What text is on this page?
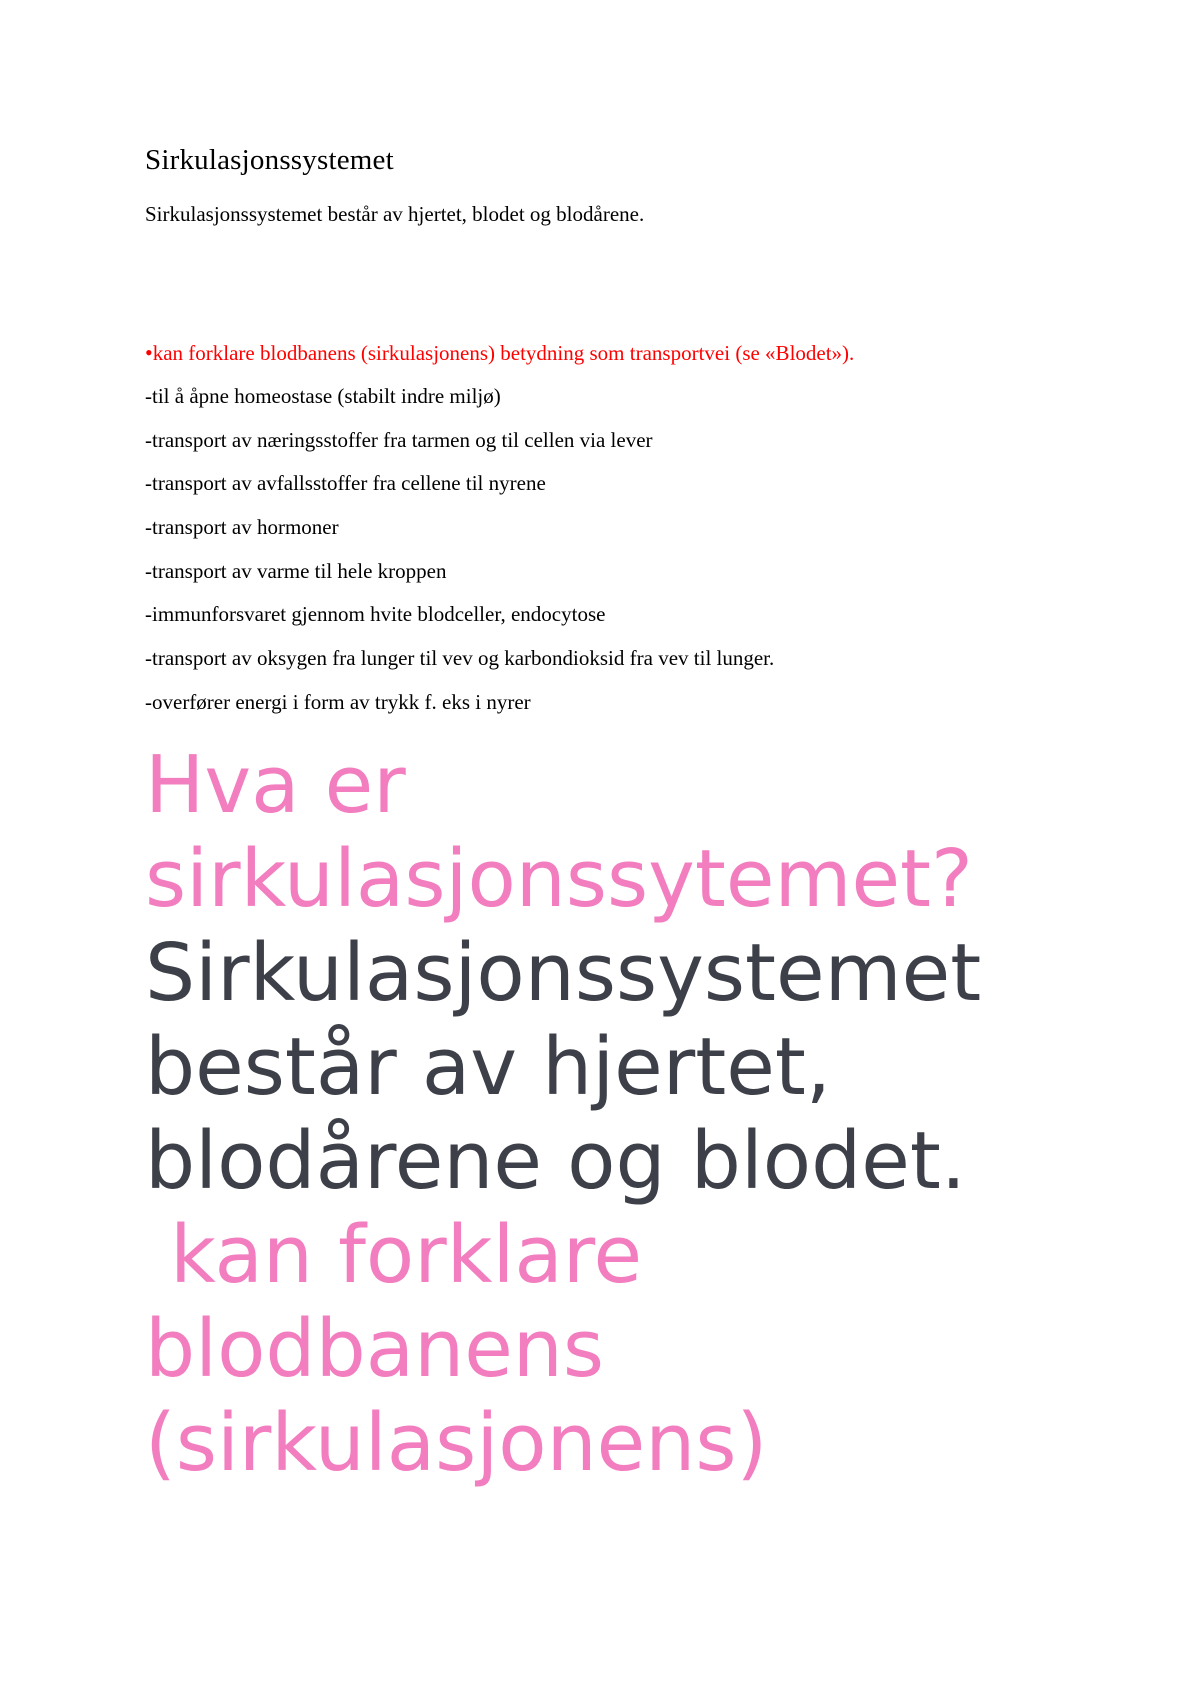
Sirkulasjonssystemet
Sirkulasjonssystemet består av hjertet, blodet og blodårene.
•kan forklare blodbanens (sirkulasjonens) betydning som transportvei (se «Blodet»).
-til å åpne homeostase (stabilt indre miljø)
-transport av næringsstoffer fra tarmen og til cellen via lever
-transport av avfallsstoffer fra cellene til nyrene
-transport av hormoner
-transport av varme til hele kroppen
-immunforsvaret gjennom hvite blodceller, endocytose
-transport av oksygen fra lunger til vev og karbondioksid fra vev til lunger.
-overfører energi i form av trykk f. eks i nyrer
Hva er
sirkulasjonssytemet?
Sirkulasjonssystemet
består av hjertet,
blodårene og blodet.
kan forklare
blodbanens
(sirkulasjonens)
